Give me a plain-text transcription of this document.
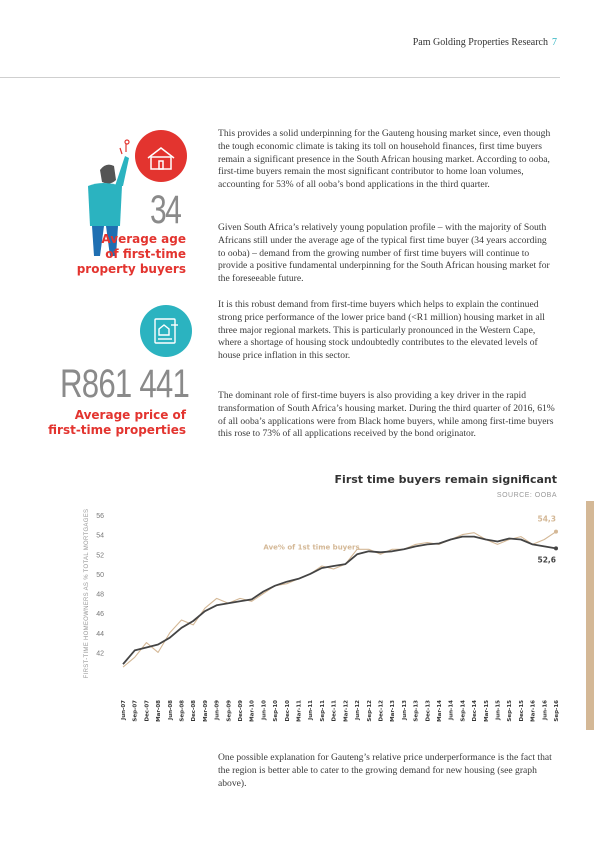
Pam Golding Properties Research 7
34
Average age
of first-time
property buyers
R861 441
Average price of
first-time properties

This provides a solid underpinning for the Gauteng housing market since, even though the tough economic climate is taking its toll on household finances, first time buyers remain a significant presence in the South African housing market. According to ooba, first-time buyers remain the most significant contributor to home loan volumes, accounting for 53% of all ooba’s bond applications in the third quarter.

Given South Africa’s relatively young population profile – with the majority of South Africans still under the average age of the typical first time buyer (34 years according to ooba) – demand from the growing number of first time buyers will continue to provide a positive fundamental underpinning for the South African housing market for the foreseeable future.

It is this robust demand from first-time buyers which helps to explain the continued strong price performance of the lower price band (<R1 million) housing market in all three major regional markets. This is particularly pronounced in the Western Cape, where a shortage of housing stock undoubtedly contributes to the elevated levels of house price inflation in this sector.

The dominant role of first-time buyers is also providing a key driver in the rapid transformation of South Africa’s housing market. During the third quarter of 2016, 61% of all ooba’s applications were from Black home buyers, while among first-time buyers this rose to 73% of all applications received by the bond originator.

One possible explanation for Gauteng’s relative price underperformance is the fact that the region is better able to cater to the growing demand for new housing (see graph above).

First time buyers remain significant
SOURCE: OOBA
42
44
46
48
50
52
54
56
FIRST-TIME HOMEOWNERS AS % TOTAL MORTGAGES
Jun-07 Sep-07 Dec-07 Mar-08 Jun-08 Sep-08 Dec-08 Mar-09 Jun-09 Sep-09 Dec-09 Mar-10 Jun-10 Sep-10 Dec-10 Mar-11 Jun-11 Sep-11 Dec-11 Mar-12 Jun-12 Sep-12 Dec-12 Mar-13 Jun-13 Sep-13 Dec-13 Mar-14 Jun-14 Sep-14 Dec-14 Mar-15 Jun-15 Sep-15 Dec-15 Mar-16 Jun-16 Sep-16
Ave% of 1st time buyers
54,3
52,6
